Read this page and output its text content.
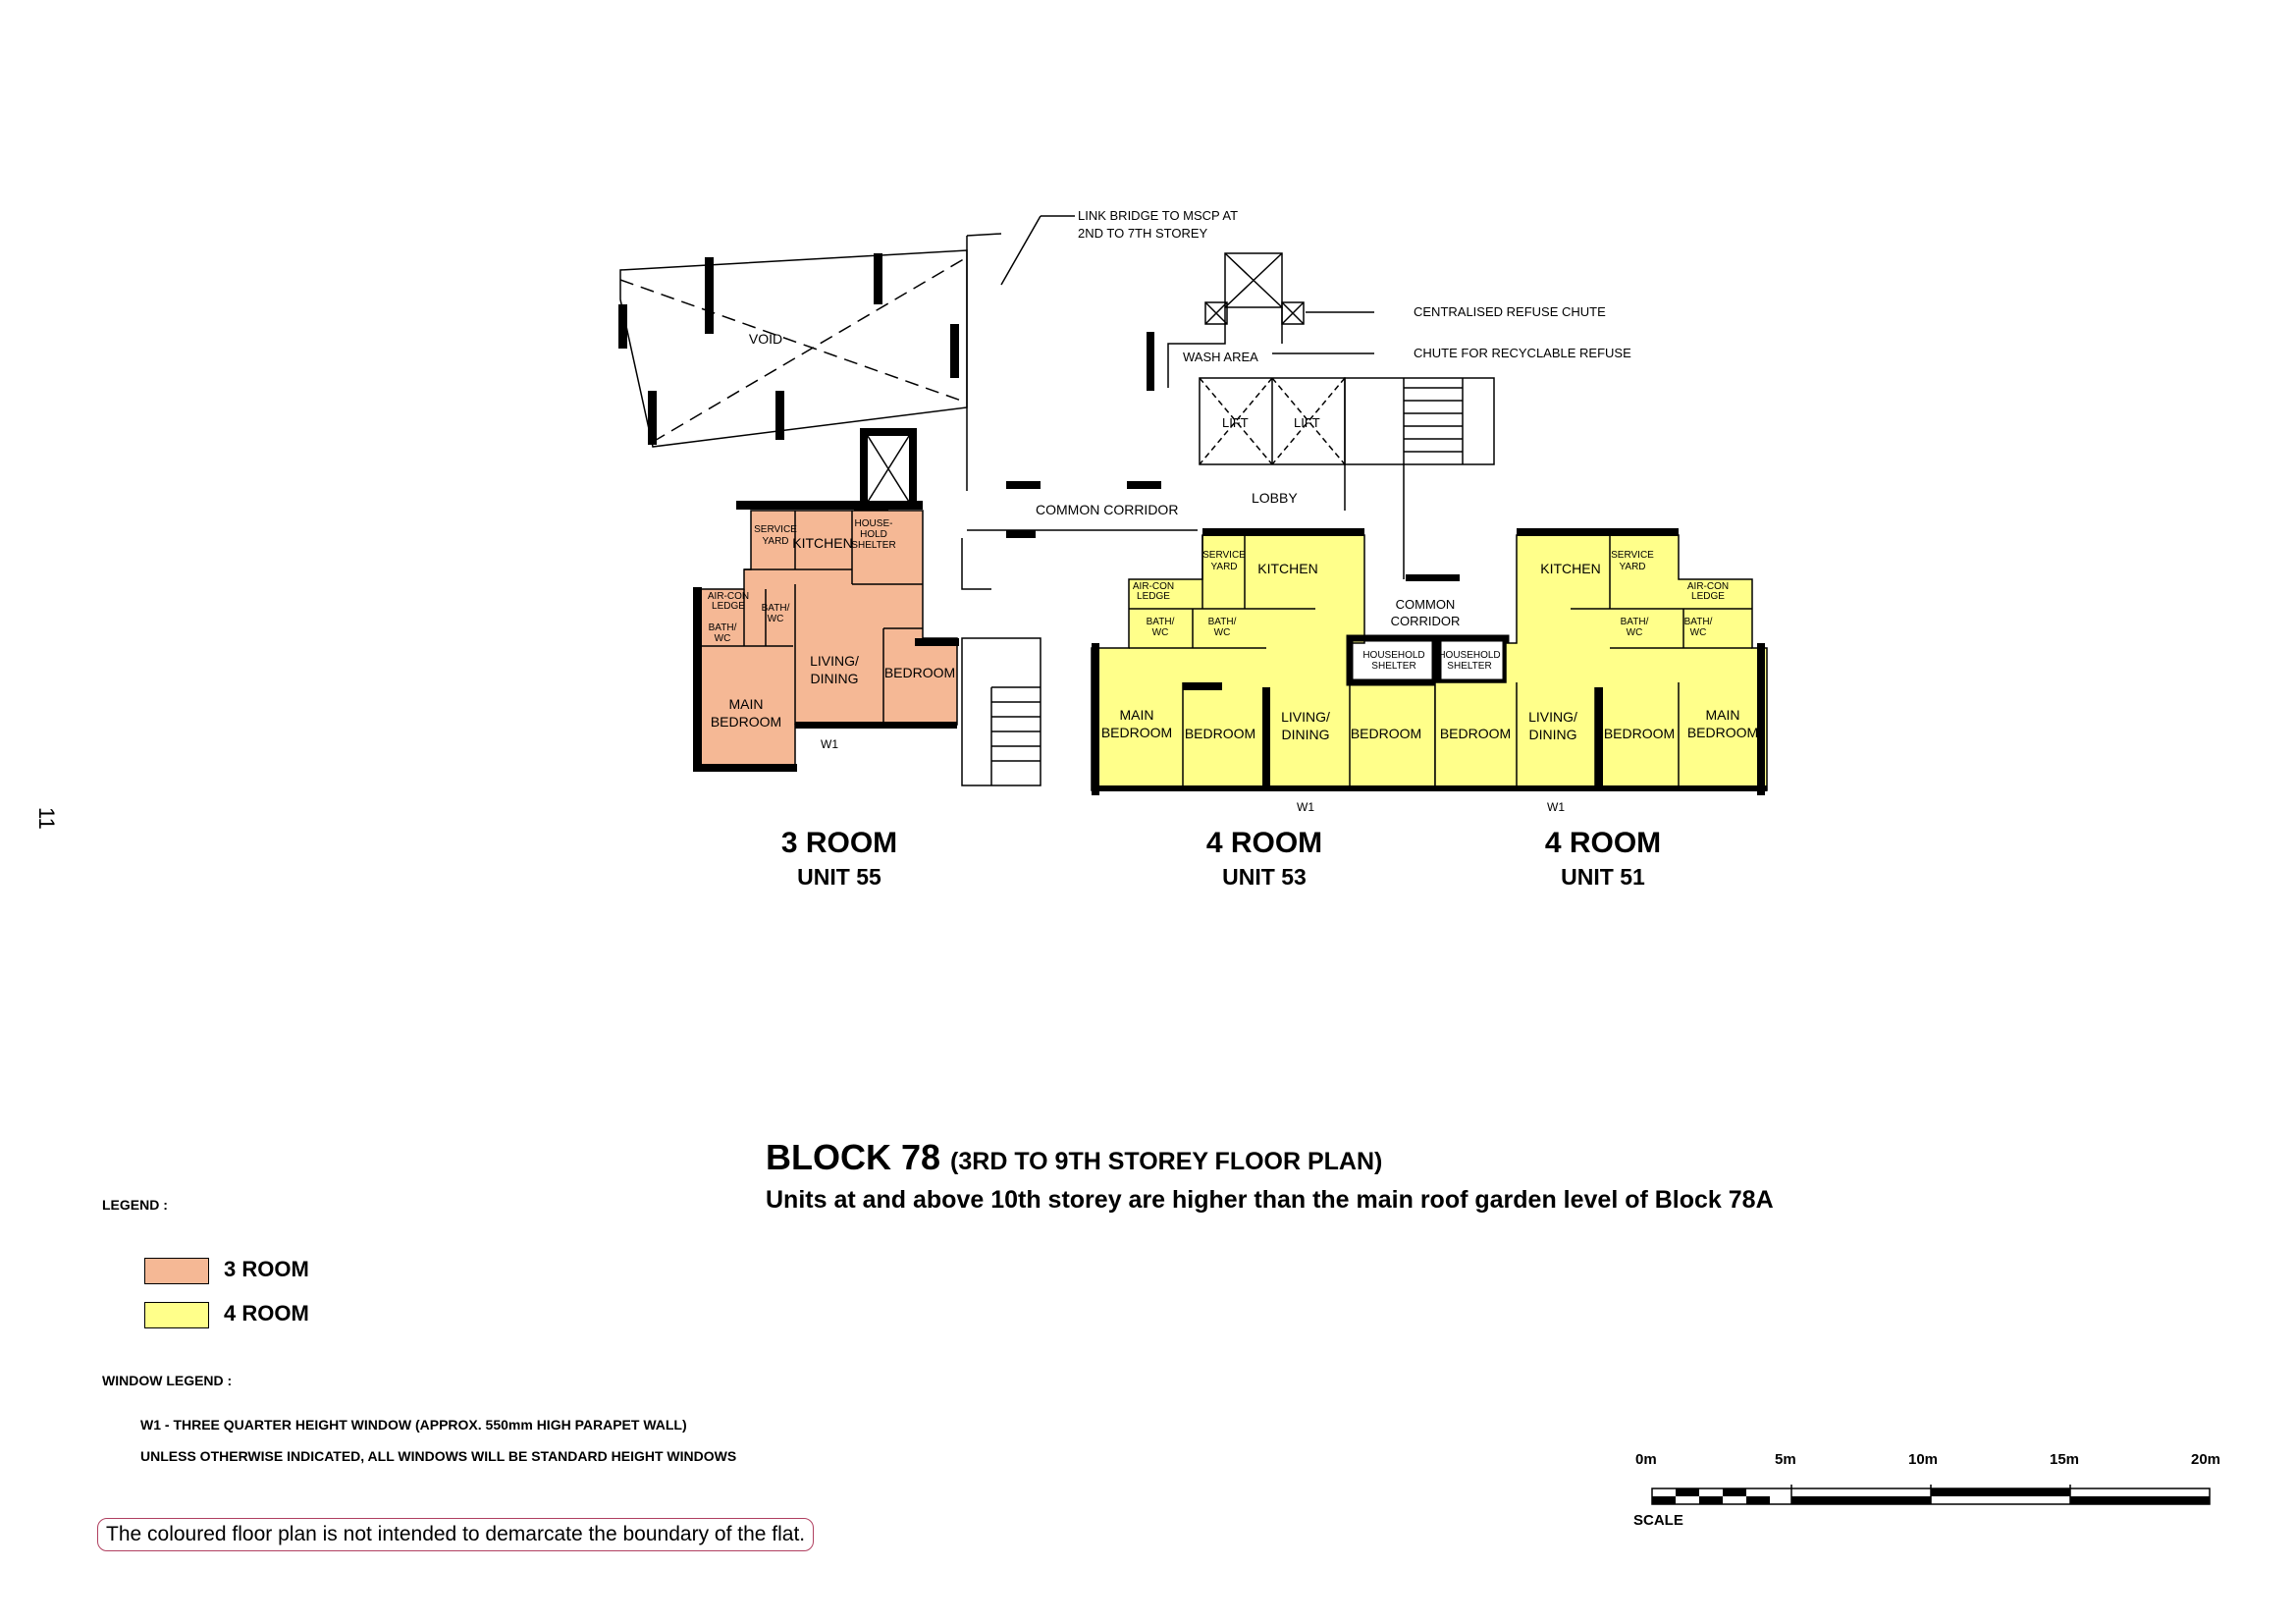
VOID
LINK BRIDGE TO MSCP AT
2ND TO 7TH STOREY
WASH AREA
CENTRALISED REFUSE CHUTE
CHUTE FOR RECYCLABLE REFUSE
LIFT	LIFT
LOBBY
COMMON CORRIDOR
SERVICE
YARD
HOUSE-
HOLD
SHELTER
AIR-CON
LEDGE
BATH/
WC
BATH/
WC
KITCHEN
LIVING/
DINING BEDROOM
MAIN
BEDROOM
W1
AIR-CON
LEDGE
SERVICE
YARD
BATH/
WC
BATH/
WC
HOUSEHOLD
SHELTER
KITCHEN
MAIN
BEDROOM BEDROOM
LIVING/
DINING BEDROOM
W1
COMMON
CORRIDOR
HOUSEHOLD
SHELTER
SERVICE
YARD
AIR-CON
LEDGE
BATH/
WC
BATH/
WC
KITCHEN
BEDROOM
LIVING/
DINING BEDROOM
MAIN
BEDROOM
W1
11
3 ROOM
UNIT 55
4 ROOM
UNIT 53
4 ROOM
UNIT 51
BLOCK 78 (3RD TO 9TH STOREY FLOOR PLAN)
Units at and above 10th storey are higher than the main roof garden level of Block 78A
LEGEND :
3 ROOM
4 ROOM
WINDOW LEGEND :
W1 - THREE QUARTER HEIGHT WINDOW (APPROX. 550mm HIGH PARAPET WALL)
UNLESS OTHERWISE INDICATED, ALL WINDOWS WILL BE STANDARD HEIGHT WINDOWS
The coloured floor plan is not intended to demarcate the boundary of the flat.
0m	5m	10m	15m	20m
SCALE
